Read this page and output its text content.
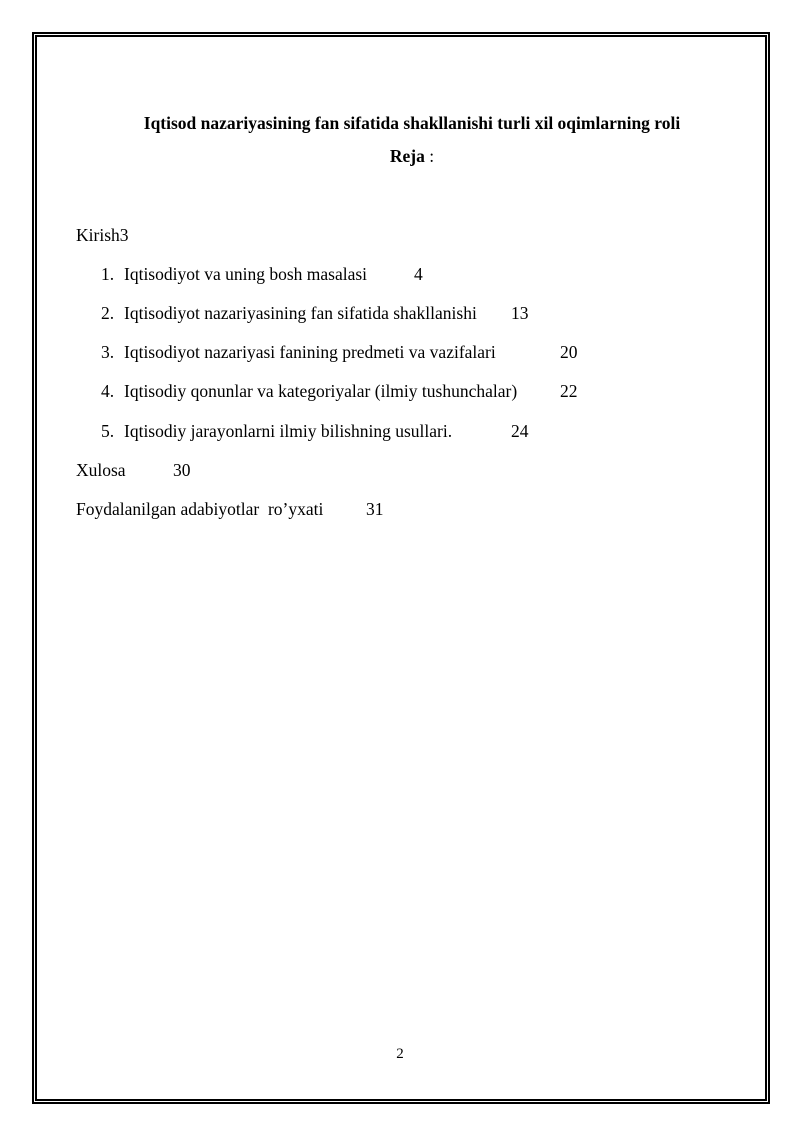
Iqtisod nazariyasining fan sifatida shakllanishi turli xil oqimlarning roli
Reja :
Kirish3
1. Iqtisodiyot va uning bosh masalasi	4
2. Iqtisodiyot nazariyasining fan sifatida shakllanishi 13
3. Iqtisodiyot nazariyasi fanining predmeti va vazifalari	20
4. Iqtisodiy qonunlar va kategoriyalar (ilmiy tushunchalar) 22
5. Iqtisodiy jarayonlarni ilmiy bilishning usullari.	24
Xulosa	30
Foydalanilgan adabiyotlar  ro’yxati 31
2
